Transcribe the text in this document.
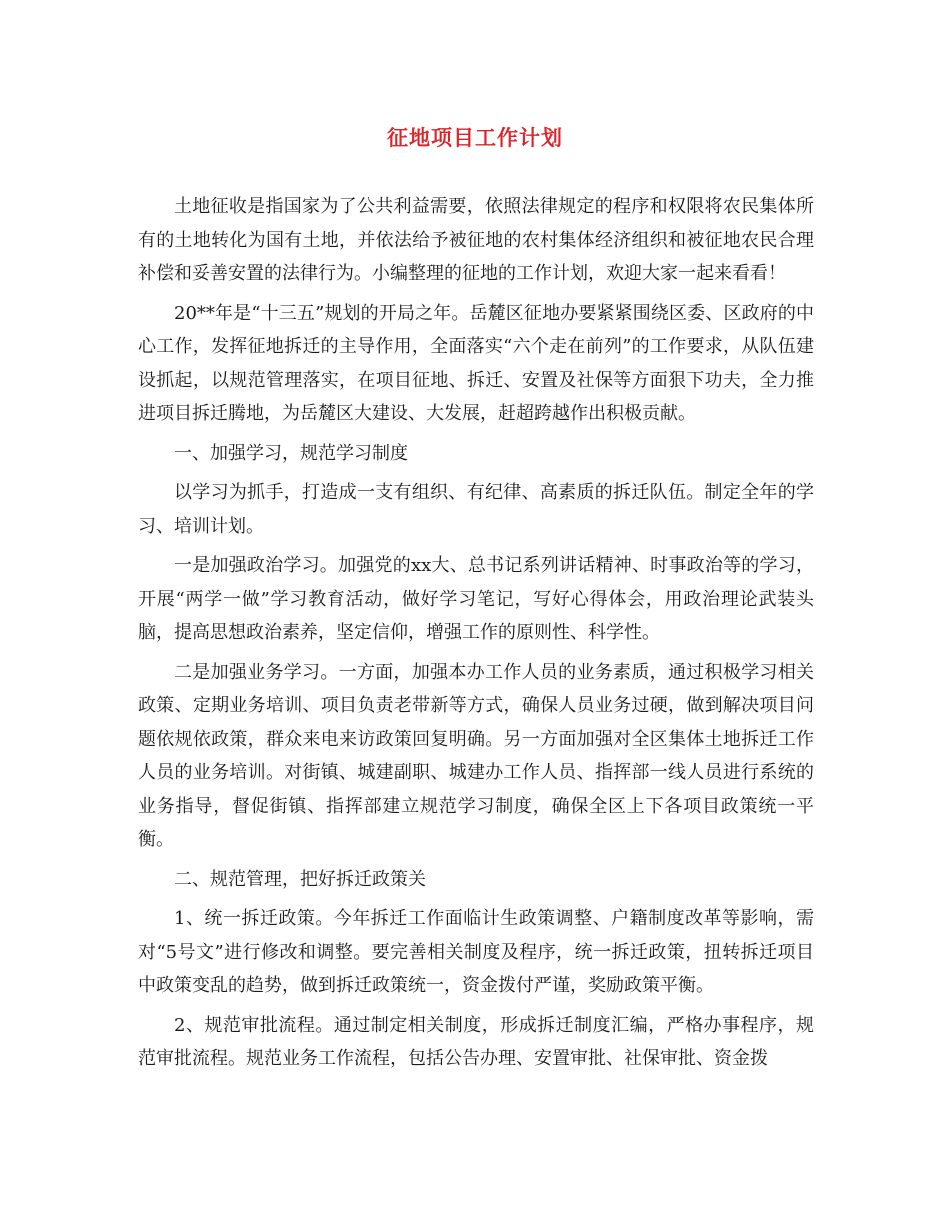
征地项目工作计划

土地征收是指国家为了公共利益需要，依照法律规定的程序和权限将农民集体所有的土地转化为国有土地，并依法给予被征地的农村集体经济组织和被征地农民合理补偿和妥善安置的法律行为。小编整理的征地的工作计划，欢迎大家一起来看看！

20**年是“十三五”规划的开局之年。岳麓区征地办要紧紧围绕区委、区政府的中心工作，发挥征地拆迁的主导作用，全面落实“六个走在前列”的工作要求，从队伍建设抓起，以规范管理落实，在项目征地、拆迁、安置及社保等方面狠下功夫，全力推进项目拆迁腾地，为岳麓区大建设、大发展，赶超跨越作出积极贡献。

一、加强学习，规范学习制度

以学习为抓手，打造成一支有组织、有纪律、高素质的拆迁队伍。制定全年的学习、培训计划。

一是加强政治学习。加强党的xx大、总书记系列讲话精神、时事政治等的学习，开展“两学一做”学习教育活动，做好学习笔记，写好心得体会，用政治理论武装头脑，提高思想政治素养，坚定信仰，增强工作的原则性、科学性。

二是加强业务学习。一方面，加强本办工作人员的业务素质，通过积极学习相关政策、定期业务培训、项目负责老带新等方式，确保人员业务过硬，做到解决项目问题依规依政策，群众来电来访政策回复明确。另一方面加强对全区集体土地拆迁工作人员的业务培训。对街镇、城建副职、城建办工作人员、指挥部一线人员进行系统的业务指导，督促街镇、指挥部建立规范学习制度，确保全区上下各项目政策统一平衡。

二、规范管理，把好拆迁政策关

1、统一拆迁政策。今年拆迁工作面临计生政策调整、户籍制度改革等影响，需对“5号文”进行修改和调整。要完善相关制度及程序，统一拆迁政策，扭转拆迁项目中政策变乱的趋势，做到拆迁政策统一，资金拨付严谨，奖励政策平衡。

2、规范审批流程。通过制定相关制度，形成拆迁制度汇编，严格办事程序，规范审批流程。规范业务工作流程，包括公告办理、安置审批、社保审批、资金拨
